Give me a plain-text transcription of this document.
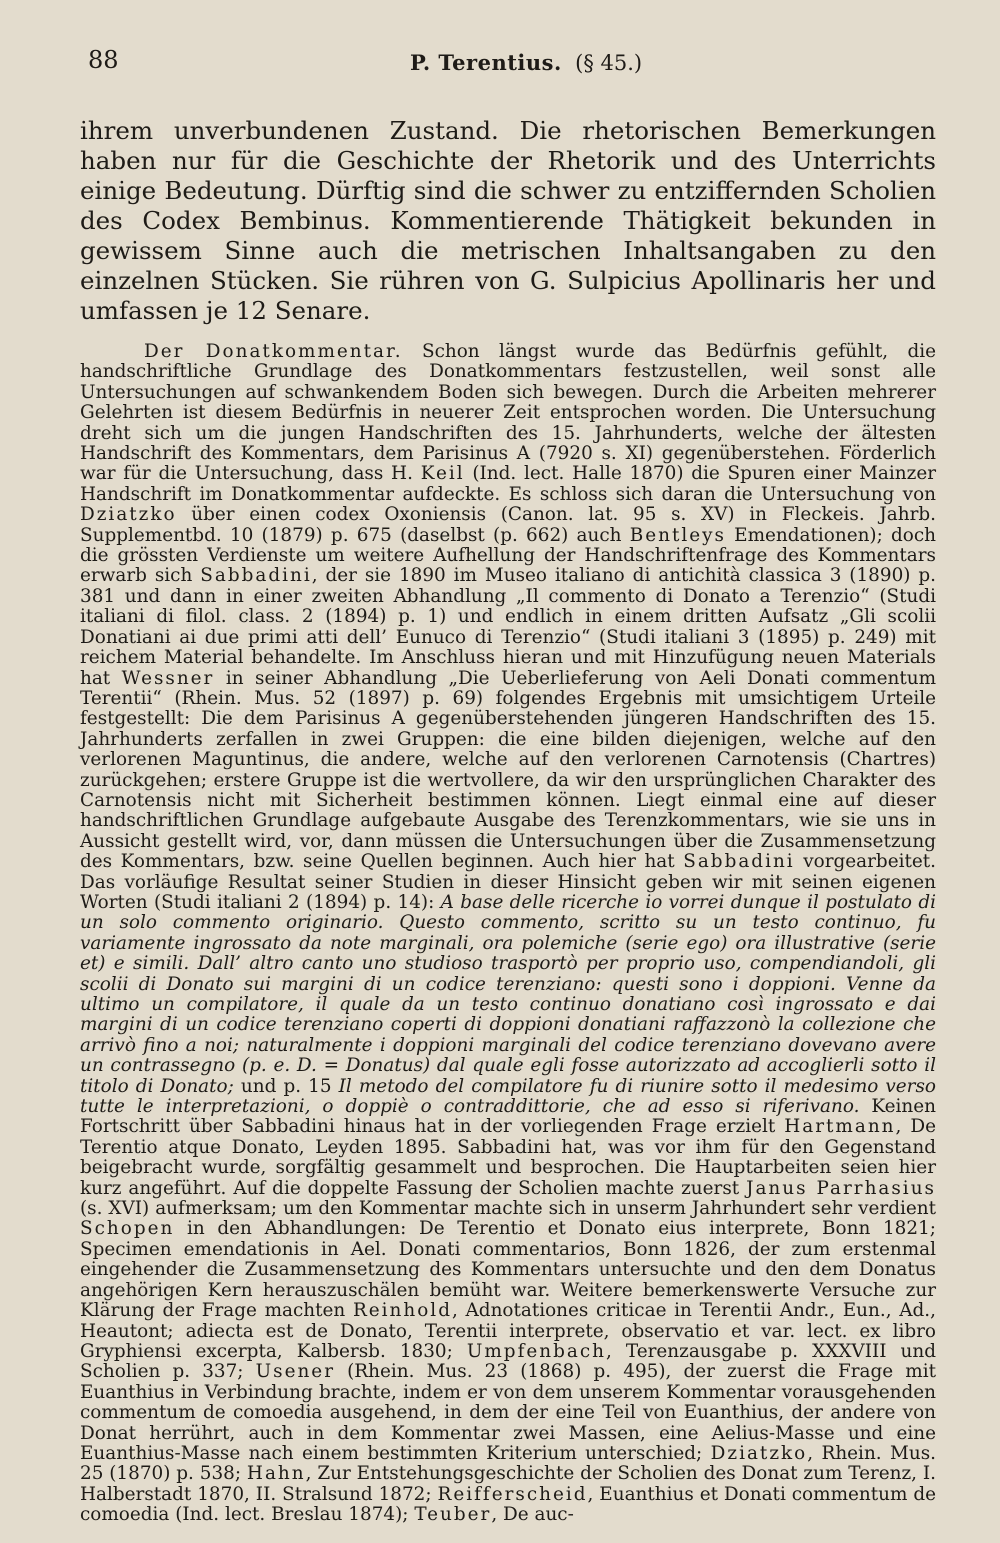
88	P. Terentius. (§ 45.)

ihrem unverbundenen Zustand. Die rhetorischen Bemerkungen haben nur für die Geschichte der Rhetorik und des Unterrichts einige Bedeutung. Dürftig sind die schwer zu entziffernden Scholien des Codex Bembinus. Kommentierende Thätigkeit bekunden in gewissem Sinne auch die metrischen Inhaltsangaben zu den einzelnen Stücken. Sie rühren von G. Sulpicius Apollinaris her und umfassen je 12 Senare.

Der Donatkommentar. Schon längst wurde das Bedürfnis gefühlt, die handschriftliche Grundlage des Donatkommentars festzustellen, weil sonst alle Untersuchungen auf schwankendem Boden sich bewegen. Durch die Arbeiten mehrerer Gelehrten ist diesem Bedürfnis in neuerer Zeit entsprochen worden. Die Untersuchung dreht sich um die jungen Handschriften des 15. Jahrhunderts, welche der ältesten Handschrift des Kommentars, dem Parisinus A (7920 s. XI) gegenüberstehen. Förderlich war für die Untersuchung, dass H. Keil (Ind. lect. Halle 1870) die Spuren einer Mainzer Handschrift im Donatkommentar aufdeckte. Es schloss sich daran die Untersuchung von Dziatzko über einen codex Oxoniensis (Canon. lat. 95 s. XV) in Fleckeis. Jahrb. Supplementbd. 10 (1879) p. 675 (daselbst (p. 662) auch Bentleys Emendationen); doch die grössten Verdienste um weitere Aufhellung der Handschriftenfrage des Kommentars erwarb sich Sabbadini, der sie 1890 im Museo italiano di antichità classica 3 (1890) p. 381 und dann in einer zweiten Abhandlung „Il commento di Donato a Terenzio“ (Studi italiani di filol. class. 2 (1894) p. 1) und endlich in einem dritten Aufsatz „Gli scolii Donatiani ai due primi atti dell’ Eunuco di Terenzio“ (Studi italiani 3 (1895) p. 249) mit reichem Material behandelte. Im Anschluss hieran und mit Hinzufügung neuen Materials hat Wessner in seiner Abhandlung „Die Ueberlieferung von Aeli Donati commentum Terentii“ (Rhein. Mus. 52 (1897) p. 69) folgendes Ergebnis mit umsichtigem Urteile festgestellt: Die dem Parisinus A gegenüberstehenden jüngeren Handschriften des 15. Jahrhunderts zerfallen in zwei Gruppen: die eine bilden diejenigen, welche auf den verlorenen Maguntinus, die andere, welche auf den verlorenen Carnotensis (Chartres) zurückgehen; erstere Gruppe ist die wertvollere, da wir den ursprünglichen Charakter des Carnotensis nicht mit Sicherheit bestimmen können. Liegt einmal eine auf dieser handschriftlichen Grundlage aufgebaute Ausgabe des Terenzkommentars, wie sie uns in Aussicht gestellt wird, vor, dann müssen die Untersuchungen über die Zusammensetzung des Kommentars, bzw. seine Quellen beginnen. Auch hier hat Sabbadini vorgearbeitet. Das vorläufige Resultat seiner Studien in dieser Hinsicht geben wir mit seinen eigenen Worten (Studi italiani 2 (1894) p. 14): A base delle ricerche io vorrei dunque il postulato di un solo commento originario. Questo commento, scritto su un testo continuo, fu variamente ingrossato da note marginali, ora polemiche (serie ego) ora illustrative (serie et) e simili. Dall’ altro canto uno studioso trasportò per proprio uso, compendiandoli, gli scolii di Donato sui margini di un codice terenziano: questi sono i doppioni. Venne da ultimo un compilatore, il quale da un testo continuo donatiano così ingrossato e dai margini di un codice terenziano coperti di doppioni donatiani raffazzonò la collezione che arrivò fino a noi; naturalmente i doppioni marginali del codice terenziano dovevano avere un contrassegno (p. e. D. = Donatus) dal quale egli fosse autorizzato ad accoglierli sotto il titolo di Donato; und p. 15 Il metodo del compilatore fu di riunire sotto il medesimo verso tutte le interpretazioni, o doppiè o contraddittorie, che ad esso si riferivano. Keinen Fortschritt über Sabbadini hinaus hat in der vorliegenden Frage erzielt Hartmann, De Terentio atque Donato, Leyden 1895. Sabbadini hat, was vor ihm für den Gegenstand beigebracht wurde, sorgfältig gesammelt und besprochen. Die Hauptarbeiten seien hier kurz angeführt. Auf die doppelte Fassung der Scholien machte zuerst Janus Parrhasius (s. XVI) aufmerksam; um den Kommentar machte sich in unserm Jahrhundert sehr verdient Schopen in den Abhandlungen: De Terentio et Donato eius interprete, Bonn 1821; Specimen emendationis in Ael. Donati commentarios, Bonn 1826, der zum erstenmal eingehender die Zusammensetzung des Kommentars untersuchte und den dem Donatus angehörigen Kern herauszuschälen bemüht war. Weitere bemerkenswerte Versuche zur Klärung der Frage machten Reinhold, Adnotationes criticae in Terentii Andr., Eun., Ad., Heautont; adiecta est de Donato, Terentii interprete, observatio et var. lect. ex libro Gryphiensi excerpta, Kalbersb. 1830; Umpfenbach, Terenzausgabe p. XXXVIII und Scholien p. 337; Usener (Rhein. Mus. 23 (1868) p. 495), der zuerst die Frage mit Euanthius in Verbindung brachte, indem er von dem unserem Kommentar vorausgehenden commentum de comoedia ausgehend, in dem der eine Teil von Euanthius, der andere von Donat herrührt, auch in dem Kommentar zwei Massen, eine Aelius-Masse und eine Euanthius-Masse nach einem bestimmten Kriterium unterschied; Dziatzko, Rhein. Mus. 25 (1870) p. 538; Hahn, Zur Entstehungsgeschichte der Scholien des Donat zum Terenz, I. Halberstadt 1870, II. Stralsund 1872; Reifferscheid, Euanthius et Donati commentum de comoedia (Ind. lect. Breslau 1874); Teuber, De auc-
